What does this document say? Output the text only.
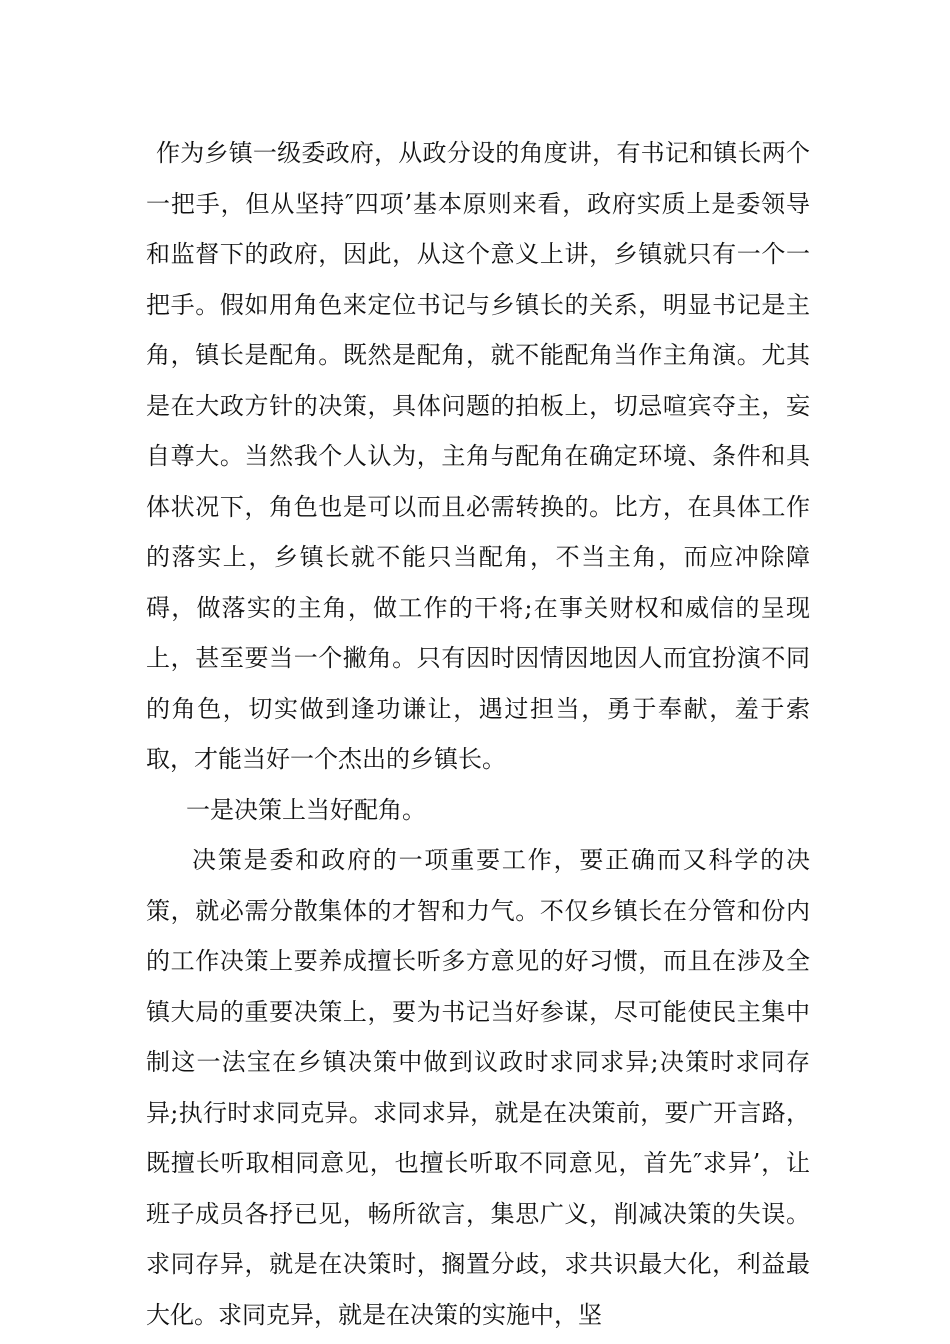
作为乡镇一级委政府，从政分设的角度讲，有书记和镇长两个一把手，但从坚持″四项’基本原则来看，政府实质上是委领导和监督下的政府，因此，从这个意义上讲，乡镇就只有一个一把手。假如用角色来定位书记与乡镇长的关系，明显书记是主角，镇长是配角。既然是配角，就不能配角当作主角演。尤其是在大政方针的决策，具体问题的拍板上，切忌喧宾夺主，妄自尊大。当然我个人认为，主角与配角在确定环境、条件和具体状况下，角色也是可以而且必需转换的。比方，在具体工作的落实上，乡镇长就不能只当配角，不当主角，而应冲除障碍，做落实的主角，做工作的干将;在事关财权和威信的呈现上，甚至要当一个撇角。只有因时因情因地因人而宜扮演不同的角色，切实做到逢功谦让，遇过担当，勇于奉献，羞于索取，才能当好一个杰出的乡镇长。

一是决策上当好配角。

决策是委和政府的一项重要工作，要正确而又科学的决策，就必需分散集体的才智和力气。不仅乡镇长在分管和份内的工作决策上要养成擅长听多方意见的好习惯，而且在涉及全镇大局的重要决策上，要为书记当好参谋，尽可能使民主集中制这一法宝在乡镇决策中做到议政时求同求异;决策时求同存异;执行时求同克异。求同求异，就是在决策前，要广开言路，既擅长听取相同意见，也擅长听取不同意见，首先″求异’，让班子成员各抒已见，畅所欲言，集思广义，削减决策的失误。求同存异，就是在决策时，搁置分歧，求共识最大化，利益最大化。求同克异，就是在决策的实施中，坚
